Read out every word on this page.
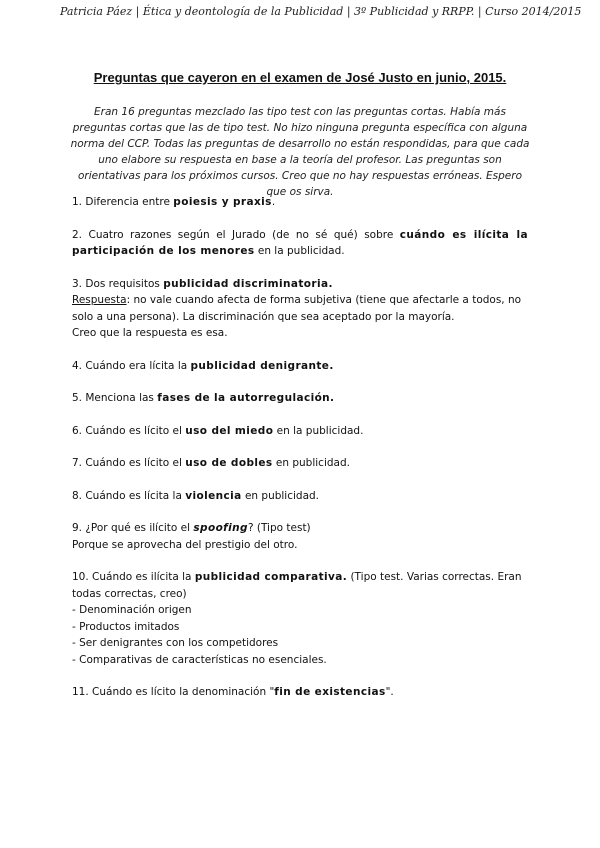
Patricia Páez | Ética y deontología de la Publicidad | 3º Publicidad y RRPP. | Curso 2014/2015
Preguntas que cayeron en el examen de José Justo en junio, 2015.
Eran 16 preguntas mezclado las tipo test con las preguntas cortas. Había más preguntas cortas que las de tipo test. No hizo ninguna pregunta específica con alguna norma del CCP. Todas las preguntas de desarrollo no están respondidas, para que cada uno elabore su respuesta en base a la teoría del profesor. Las preguntas son orientativas para los próximos cursos. Creo que no hay respuestas erróneas. Espero que os sirva.

1. Diferencia entre poiesis y praxis.

2. Cuatro razones según el Jurado (de no sé qué) sobre cuándo es ilícita la participación de los menores en la publicidad.

3. Dos requisitos publicidad discriminatoria.

Respuesta: no vale cuando afecta de forma subjetiva (tiene que afectarle a todos, no solo a una persona). La discriminación que sea aceptado por la mayoría.

Creo que la respuesta es esa.

4. Cuándo era lícita la publicidad denigrante.

5. Menciona las fases de la autorregulación.

6. Cuándo es lícito el uso del miedo en la publicidad.

7. Cuándo es lícito el uso de dobles en publicidad.

8. Cuándo es lícita la violencia en publicidad.

9. ¿Por qué es ilícito el spoofing? (Tipo test)

Porque se aprovecha del prestigio del otro.

10. Cuándo es ilícita la publicidad comparativa. (Tipo test. Varias correctas. Eran todas correctas, creo)

- Denominación origen

- Productos imitados

- Ser denigrantes con los competidores

- Comparativas de características no esenciales.

11. Cuándo es lícito la denominación "fin de existencias".
